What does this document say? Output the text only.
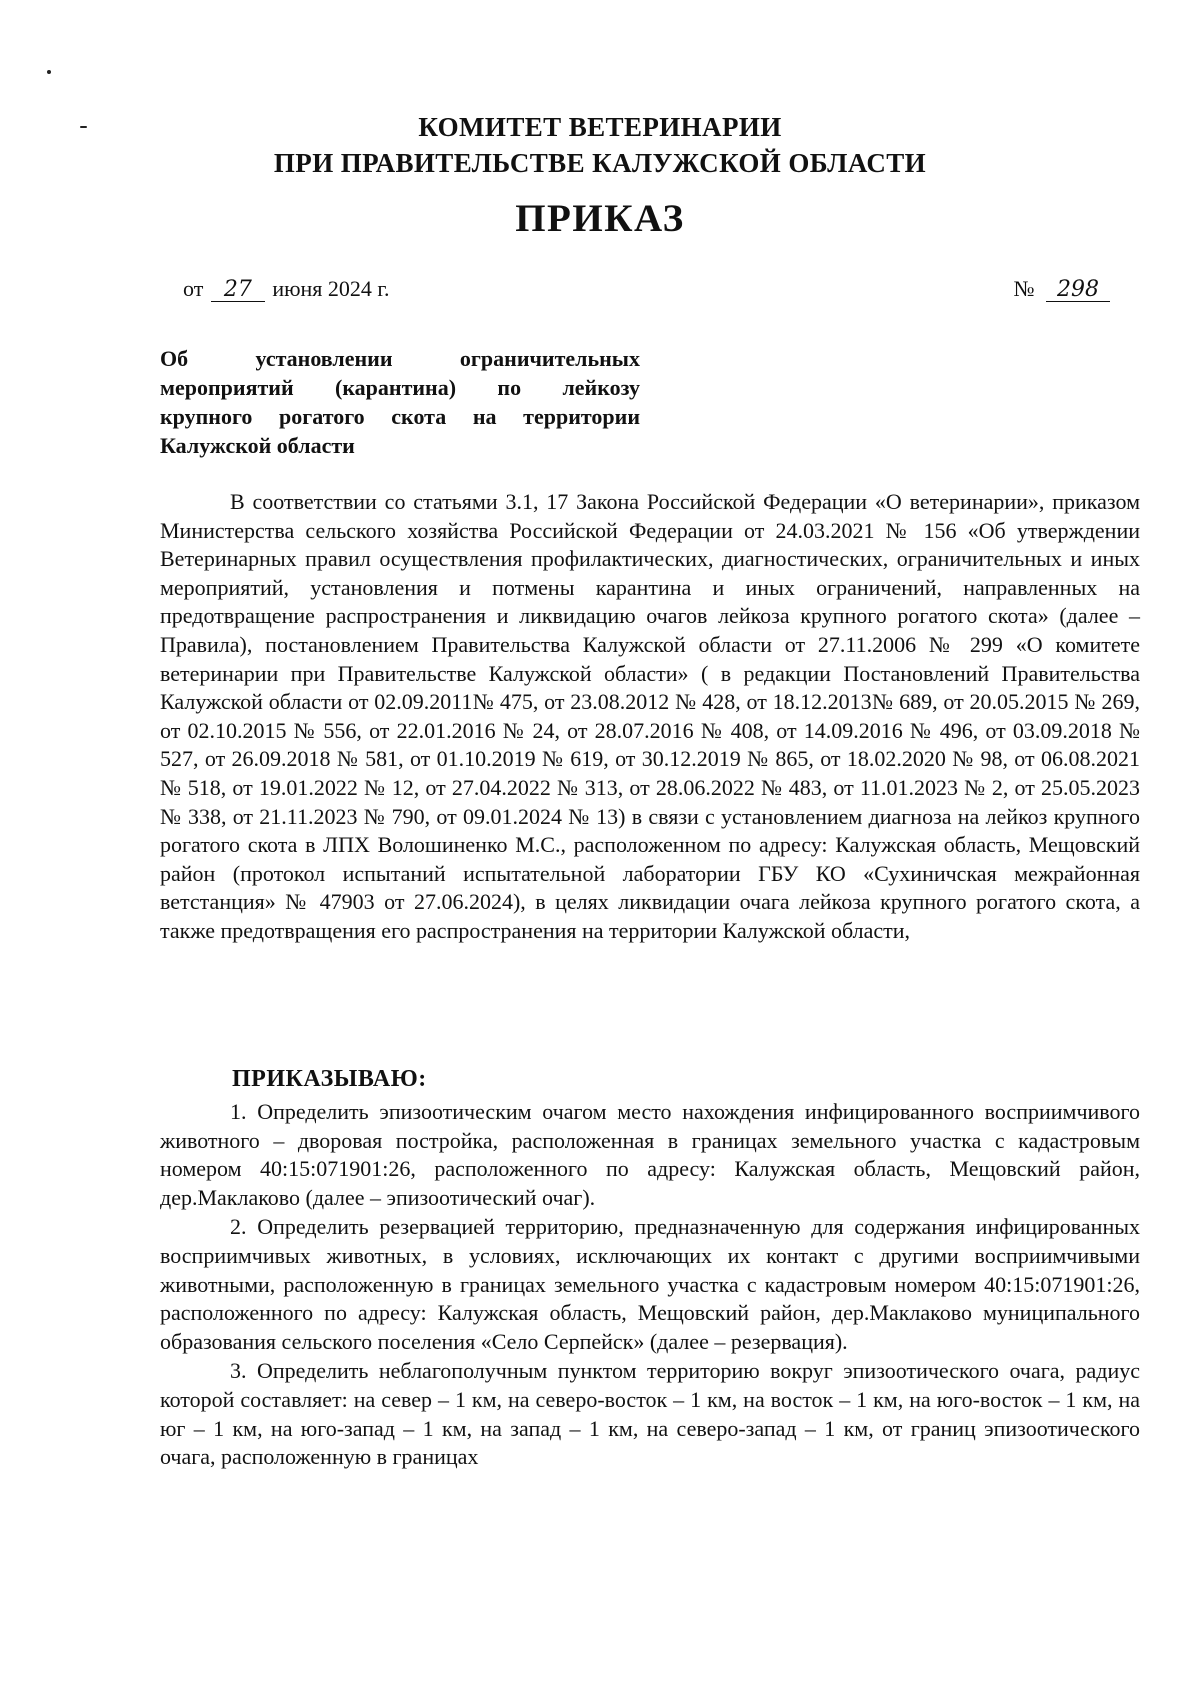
КОМИТЕТ ВЕТЕРИНАРИИ
ПРИ ПРАВИТЕЛЬСТВЕ КАЛУЖСКОЙ ОБЛАСТИ
ПРИКАЗ
от 27 июня 2024 г.	№ 298
Об установлении ограничительных
мероприятий (карантина) по лейкозу
крупного рогатого скота на территории
Калужской области

В соответствии со статьями 3.1, 17 Закона Российской Федерации «О ветеринарии», приказом Министерства сельского хозяйства Российской Федерации от 24.03.2021 № 156 «Об утверждении Ветеринарных правил осуществления профилактических, диагностических, ограничительных и иных мероприятий, установления и потмены карантина и иных ограничений, направленных на предотвращение распространения и ликвидацию очагов лейкоза крупного рогатого скота» (далее – Правила), постановлением Правительства Калужской области от 27.11.2006 № 299 «О комитете ветеринарии при Правительстве Калужской области» ( в редакции Постановлений Правительства Калужской области от 02.09.2011№ 475, от 23.08.2012 № 428, от 18.12.2013№ 689, от 20.05.2015 № 269, от 02.10.2015 № 556, от 22.01.2016 № 24, от 28.07.2016 № 408, от 14.09.2016 № 496, от 03.09.2018 № 527, от 26.09.2018 № 581, от 01.10.2019 № 619, от 30.12.2019 № 865, от 18.02.2020 № 98, от 06.08.2021 № 518, от 19.01.2022 № 12, от 27.04.2022 № 313, от 28.06.2022 № 483, от 11.01.2023 № 2, от 25.05.2023 № 338, от 21.11.2023 № 790, от 09.01.2024 № 13) в связи с установлением диагноза на лейкоз крупного рогатого скота в ЛПХ Волошиненко М.С., расположенном по адресу: Калужская область, Мещовский район (протокол испытаний испытательной лаборатории ГБУ КО «Сухиничская межрайонная ветстанция» № 47903 от 27.06.2024), в целях ликвидации очага лейкоза крупного рогатого скота, а также предотвращения его распространения на территории Калужской области,

ПРИКАЗЫВАЮ:

1. Определить эпизоотическим очагом место нахождения инфицированного восприимчивого животного – дворовая постройка, расположенная в границах земельного участка с кадастровым номером 40:15:071901:26, расположенного по адресу: Калужская область, Мещовский район, дер.Маклаково (далее – эпизоотический очаг).

2. Определить резервацией территорию, предназначенную для содержания инфицированных восприимчивых животных, в условиях, исключающих их контакт с другими восприимчивыми животными, расположенную в границах земельного участка с кадастровым номером 40:15:071901:26, расположенного по адресу: Калужская область, Мещовский район, дер.Маклаково муниципального образования сельского поселения «Село Серпейск» (далее – резервация).

3. Определить неблагополучным пунктом территорию вокруг эпизоотического очага, радиус которой составляет: на север – 1 км, на северо-восток – 1 км, на восток – 1 км, на юго-восток – 1 км, на юг – 1 км, на юго-запад – 1 км, на запад – 1 км, на северо-запад – 1 км, от границ эпизоотического очага, расположенную в границах
